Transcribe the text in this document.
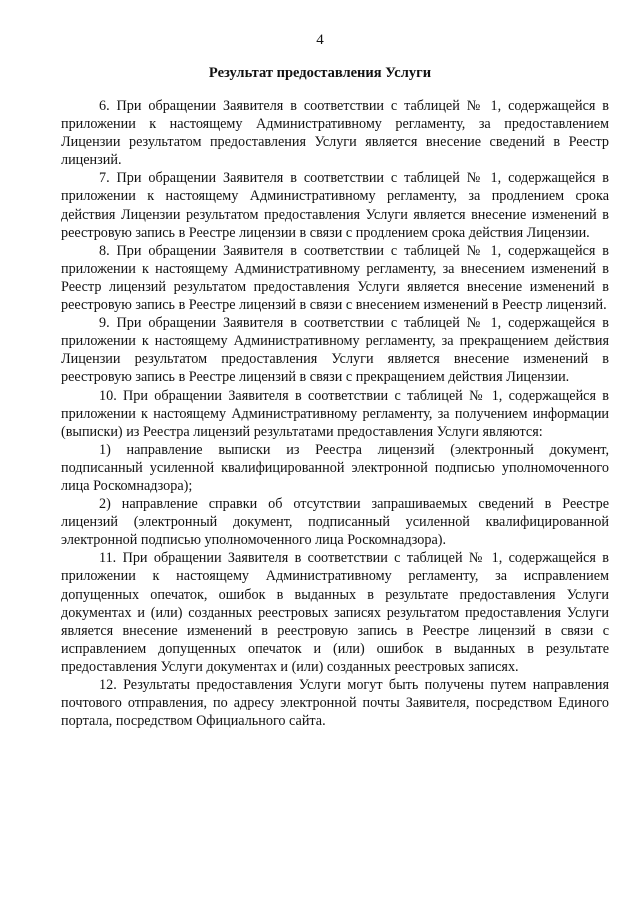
4
Результат предоставления Услуги

6. При обращении Заявителя в соответствии с таблицей № 1, содержащейся в приложении к настоящему Административному регламенту, за предоставлением Лицензии результатом предоставления Услуги является внесение сведений в Реестр лицензий.

7. При обращении Заявителя в соответствии с таблицей № 1, содержащейся в приложении к настоящему Административному регламенту, за продлением срока действия Лицензии результатом предоставления Услуги является внесение изменений в реестровую запись в Реестре лицензии в связи с продлением срока действия Лицензии.

8. При обращении Заявителя в соответствии с таблицей № 1, содержащейся в приложении к настоящему Административному регламенту, за внесением изменений в Реестр лицензий результатом предоставления Услуги является внесение изменений в реестровую запись в Реестре лицензий в связи с внесением изменений в Реестр лицензий.

9. При обращении Заявителя в соответствии с таблицей № 1, содержащейся в приложении к настоящему Административному регламенту, за прекращением действия Лицензии результатом предоставления Услуги является внесение изменений в реестровую запись в Реестре лицензий в связи с прекращением действия Лицензии.

10. При обращении Заявителя в соответствии с таблицей № 1, содержащейся в приложении к настоящему Административному регламенту, за получением информации (выписки) из Реестра лицензий результатами предоставления Услуги являются:

1) направление выписки из Реестра лицензий (электронный документ, подписанный усиленной квалифицированной электронной подписью уполномоченного лица Роскомнадзора);

2) направление справки об отсутствии запрашиваемых сведений в Реестре лицензий (электронный документ, подписанный усиленной квалифицированной электронной подписью уполномоченного лица Роскомнадзора).

11. При обращении Заявителя в соответствии с таблицей № 1, содержащейся в приложении к настоящему Административному регламенту, за исправлением допущенных опечаток, ошибок в выданных в результате предоставления Услуги документах и (или) созданных реестровых записях результатом предоставления Услуги является внесение изменений в реестровую запись в Реестре лицензий в связи с исправлением допущенных опечаток и (или) ошибок в выданных в результате предоставления Услуги документах и (или) созданных реестровых записях.

12. Результаты предоставления Услуги могут быть получены путем направления почтового отправления, по адресу электронной почты Заявителя, посредством Единого портала, посредством Официального сайта.
